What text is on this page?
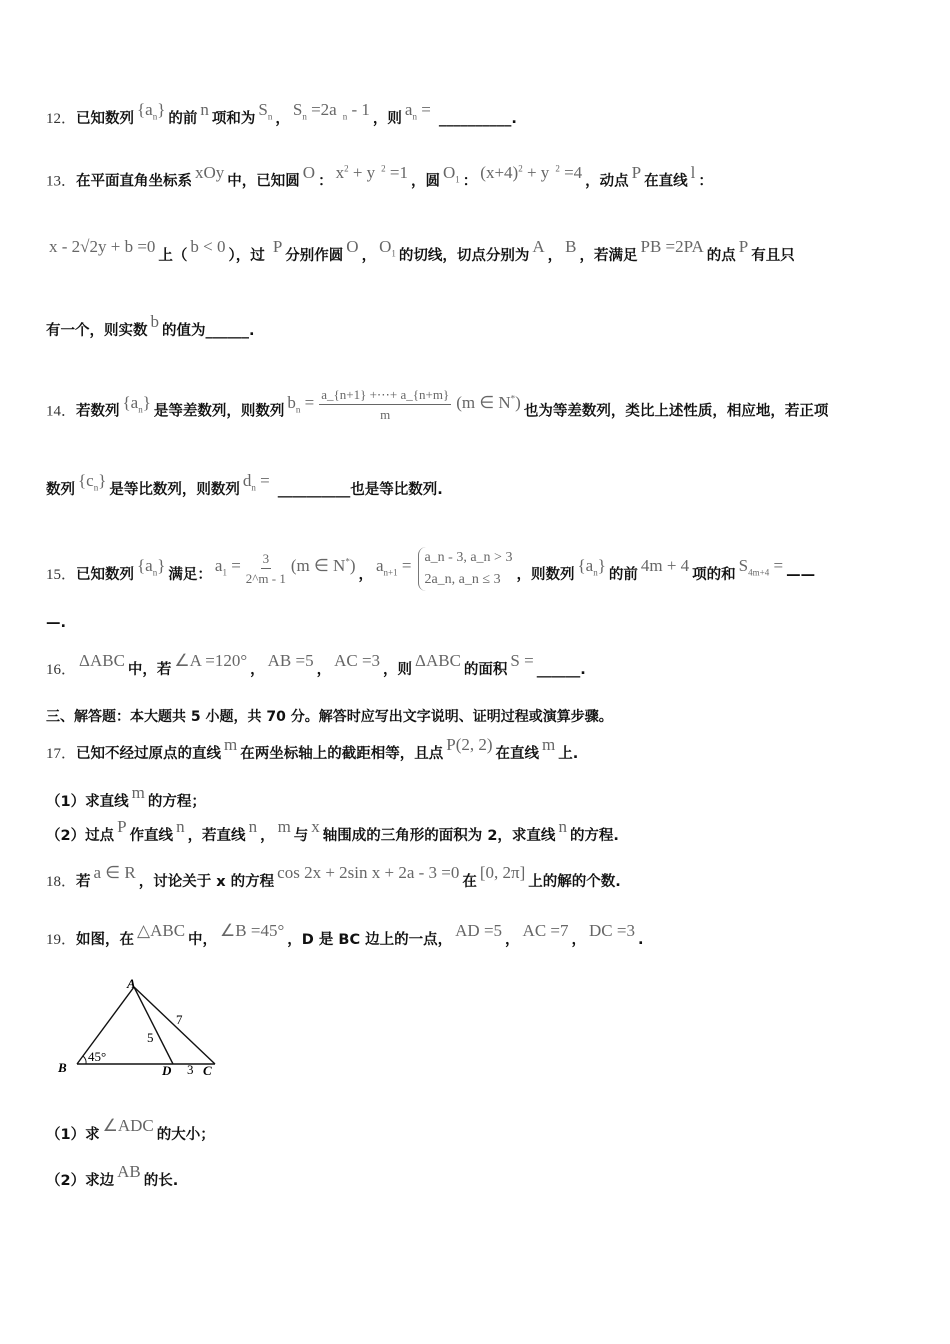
12．已知数列 $\{a_n\}$ 的前 n 项和为 $S_n$ ， $S_n =2a$ $_n$ - 1 ，则 $a_n$ = __________.
13．在平面直角坐标系 xOy 中，已知圆 O ： $x^2 + y$ $^2$ =1 ，圆 $O_1$ ： $(x+4)^2 + y$ $^2$ =4 ，动点 P 在直线 l ：
x - 2√2y + b =0 上（ b < 0 ），过 P 分别作圆 O ， $O_1$ 的切线，切点分别为 A ， B ，若满足 PB =2PA 的点 P 有且只
有一个，则实数 b 的值为______.
14．若数列 $\{a_n\}$ 是等差数列，则数列 $b_n = \frac{a\_\{n+1\} +\cdots+ a\_\{n+m\}}{m} (m$ ∈ N*) 也为等差数列，类比上述性质，相应地，若正项
数列 $\{c_n\}$ 是等比数列，则数列 $d_n$ = __________也是等比数列.
15．已知数列 $\{a_n\}$ 满足： $a_1 = \frac{3}{2\^{}m - 1} (m$ ∈ N*) ， $a_{n+1}$ = a_n - 3, a_n > 3
2a_n, a_n ≤ 3	，则数列 $\{a_n\}$ 的前 4m + 4 项的和 $S_{4m+4}$ = ——
—.
16． ΔABC 中，若 ∠A =120° ， AB =5 ， AC =3 ，则 ΔABC 的面积 S = ______.
三、解答题：本大题共 5 小题，共 70 分。解答时应写出文字说明、证明过程或演算步骤。
17．已知不经过原点的直线 m 在两坐标轴上的截距相等，且点 P(2, 2) 在直线 m 上.
（1）求直线 m 的方程；
（2）过点 P 作直线 n ，若直线 n ， m 与 x 轴围成的三角形的面积为 2，求直线 n 的方程.
18．若 a ∈ R ，讨论关于 x 的方程 cos 2x + 2sin x + 2a - 3 =0 在 [0, 2π] 上的解的个数.
19．如图，在 △ABC 中， ∠B =45° ，D 是 BC 边上的一点， AD =5 ， AC =7 ， DC =3 .
A
B	D C
45°
5
7
3
（1）求 ∠ADC 的大小；
（2）求边 AB 的长.
